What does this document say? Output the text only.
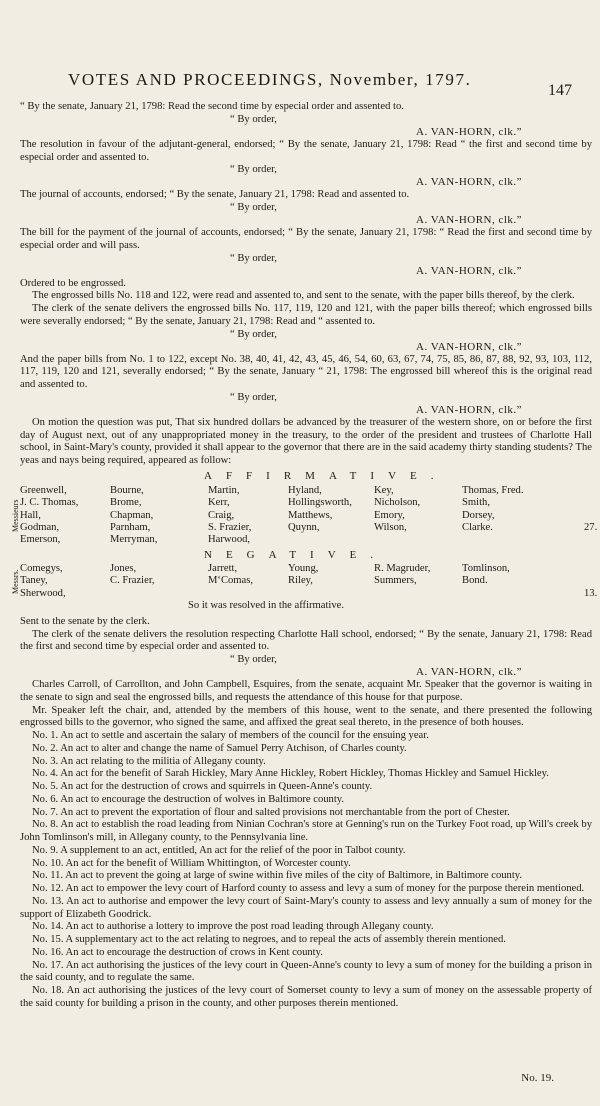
VOTES AND PROCEEDINGS, November, 1797.
147

“ By the senate, January 21, 1798: Read the second time by especial order and assented to.

“ By order,
A. VAN-HORN, clk.”

The resolution in favour of the adjutant-general, endorsed; “ By the senate, January 21, 1798: Read “ the first and second time by especial order and assented to.

“ By order,
A. VAN-HORN, clk.”

The journal of accounts, endorsed; “ By the senate, January 21, 1798: Read and assented to.

“ By order,
A. VAN-HORN, clk.”

The bill for the payment of the journal of accounts, endorsed; “ By the senate, January 21, 1798: “ Read the first and second time by especial order and will pass.

“ By order,
A. VAN-HORN, clk.”

Ordered to be engrossed.

The engrossed bills No. 118 and 122, were read and assented to, and sent to the senate, with the paper bills thereof, by the clerk.

The clerk of the senate delivers the engrossed bills No. 117, 119, 120 and 121, with the paper bills thereof; which engrossed bills were severally endorsed; “ By the senate, January 21, 1798: Read and “ assented to.

“ By order,
A. VAN-HORN, clk.”

And the paper bills from No. 1 to 122, except No. 38, 40, 41, 42, 43, 45, 46, 54, 60, 63, 67, 74, 75, 85, 86, 87, 88, 92, 93, 103, 112, 117, 119, 120 and 121, severally endorsed; “ By the senate, January “ 21, 1798: The engrossed bill whereof this is the original read and assented to.

“ By order,
A. VAN-HORN, clk.”

On motion the question was put, That six hundred dollars be advanced by the treasurer of the western shore, on or before the first day of August next, out of any unappropriated money in the treasury, to the order of the president and trustees of Charlotte Hall school, in Saint-Mary's county, provided it shall appear to the governor that there are in the said academy thirty standing students? The yeas and nays being required, appeared as follow:

AFFIRMATIVE.
Messieurs
Greenwell,	Bourne,	Martin,	Hyland,	Key,	Thomas, Fred.
J. C. Thomas,	Brome,	Kerr,	Hollingsworth, Nicholson,	Smith,
Hall,	Chapman,	Craig,	Matthews,	Emory,	Dorsey,
Godman,	Parnham,	S. Frazier,	Quynn,	Wilson,	Clarke.	27.
Emerson,	Merryman,	Harwood,
NEGATIVE.
Messrs.
Comegys,	Jones,	Jarrett,	Young,	R. Magruder,	Tomlinson,
Taney,	C. Frazier,	M‘Comas,	Riley,	Summers,	Bond.
Sherwood,	13.
So it was resolved in the affirmative.

Sent to the senate by the clerk.

The clerk of the senate delivers the resolution respecting Charlotte Hall school, endorsed; “ By the senate, January 21, 1798: Read the first and second time by especial order and assented to.

“ By order,
A. VAN-HORN, clk.”

Charles Carroll, of Carrollton, and John Campbell, Esquires, from the senate, acquaint Mr. Speaker that the governor is waiting in the senate to sign and seal the engrossed bills, and requests the attendance of this house for that purpose.

Mr. Speaker left the chair, and, attended by the members of this house, went to the senate, and there presented the following engrossed bills to the governor, who signed the same, and affixed the great seal thereto, in the presence of both houses.

No. 1. An act to settle and ascertain the salary of members of the council for the ensuing year.

No. 2. An act to alter and change the name of Samuel Perry Atchison, of Charles county.

No. 3. An act relating to the militia of Allegany county.

No. 4. An act for the benefit of Sarah Hickley, Mary Anne Hickley, Robert Hickley, Thomas Hickley and Samuel Hickley.

No. 5. An act for the destruction of crows and squirrels in Queen-Anne's county.

No. 6. An act to encourage the destruction of wolves in Baltimore county.

No. 7. An act to prevent the exportation of flour and salted provisions not merchantable from the port of Chester.

No. 8. An act to establish the road leading from Ninian Cochran's store at Genning's run on the Turkey Foot road, up Will's creek by John Tomlinson's mill, in Allegany county, to the Pennsylvania line.

No. 9. A supplement to an act, entitled, An act for the relief of the poor in Talbot county.

No. 10. An act for the benefit of William Whittington, of Worcester county.

No. 11. An act to prevent the going at large of swine within five miles of the city of Baltimore, in Baltimore county.

No. 12. An act to empower the levy court of Harford county to assess and levy a sum of money for the purpose therein mentioned.

No. 13. An act to authorise and empower the levy court of Saint-Mary's county to assess and levy annually a sum of money for the support of Elizabeth Goodrick.

No. 14. An act to authorise a lottery to improve the post road leading through Allegany county.

No. 15. A supplementary act to the act relating to negroes, and to repeal the acts of assembly therein mentioned.

No. 16. An act to encourage the destruction of crows in Kent county.

No. 17. An act authorising the justices of the levy court in Queen-Anne's county to levy a sum of money for the building a prison in the said county, and to regulate the same.

No. 18. An act authorising the justices of the levy court of Somerset county to levy a sum of money on the assessable property of the said county for building a prison in the county, and other purposes therein mentioned.

No. 19.
